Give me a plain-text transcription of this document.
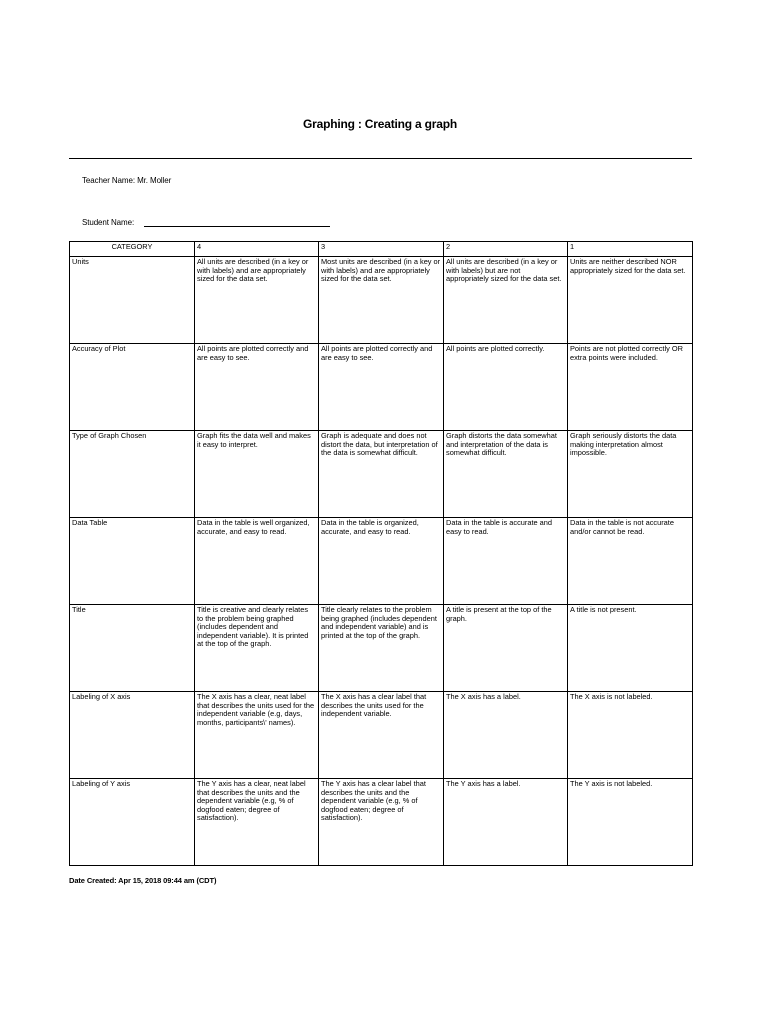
Graphing : Creating a graph
Teacher Name: Mr. Moller
Student Name:
CATEGORY	4	3	2	1
Units	All units are described (in a key or with labels) and are appropriately sized for the data set.	Most units are described (in a key or with labels) and are appropriately sized for the data set.	All units are described (in a key or with labels) but are not appropriately sized for the data set.	Units are neither described NOR appropriately sized for the data set.
Accuracy of Plot	All points are plotted correctly and are easy to see.	All points are plotted correctly and are easy to see.	All points are plotted correctly.	Points are not plotted correctly OR extra points were included.
Type of Graph Chosen	Graph fits the data well and makes it easy to interpret.	Graph is adequate and does not distort the data, but interpretation of the data is somewhat difficult.	Graph distorts the data somewhat and interpretation of the data is somewhat difficult.	Graph seriously distorts the data making interpretation almost impossible.
Data Table	Data in the table is well organized, accurate, and easy to read.	Data in the table is organized, accurate, and easy to read.	Data in the table is accurate and easy to read.	Data in the table is not accurate and/or cannot be read.
Title	Title is creative and clearly relates to the problem being graphed (includes dependent and independent variable). It is printed at the top of the graph.	Title clearly relates to the problem being graphed (includes dependent and independent variable) and is printed at the top of the graph.	A title is present at the top of the graph.	A title is not present.
Labeling of X axis	The X axis has a clear, neat label that describes the units used for the independent variable (e.g, days, months, participants\' names).	The X axis has a clear label that describes the units used for the independent variable.	The X axis has a label.	The X axis is not labeled.
Labeling of Y axis	The Y axis has a clear, neat label that describes the units and the dependent variable (e.g, % of dogfood eaten; degree of satisfaction).	The Y axis has a clear label that describes the units and the dependent variable (e.g, % of dogfood eaten; degree of satisfaction).	The Y axis has a label.	The Y axis is not labeled.
Date Created: Apr 15, 2018 09:44 am (CDT)
